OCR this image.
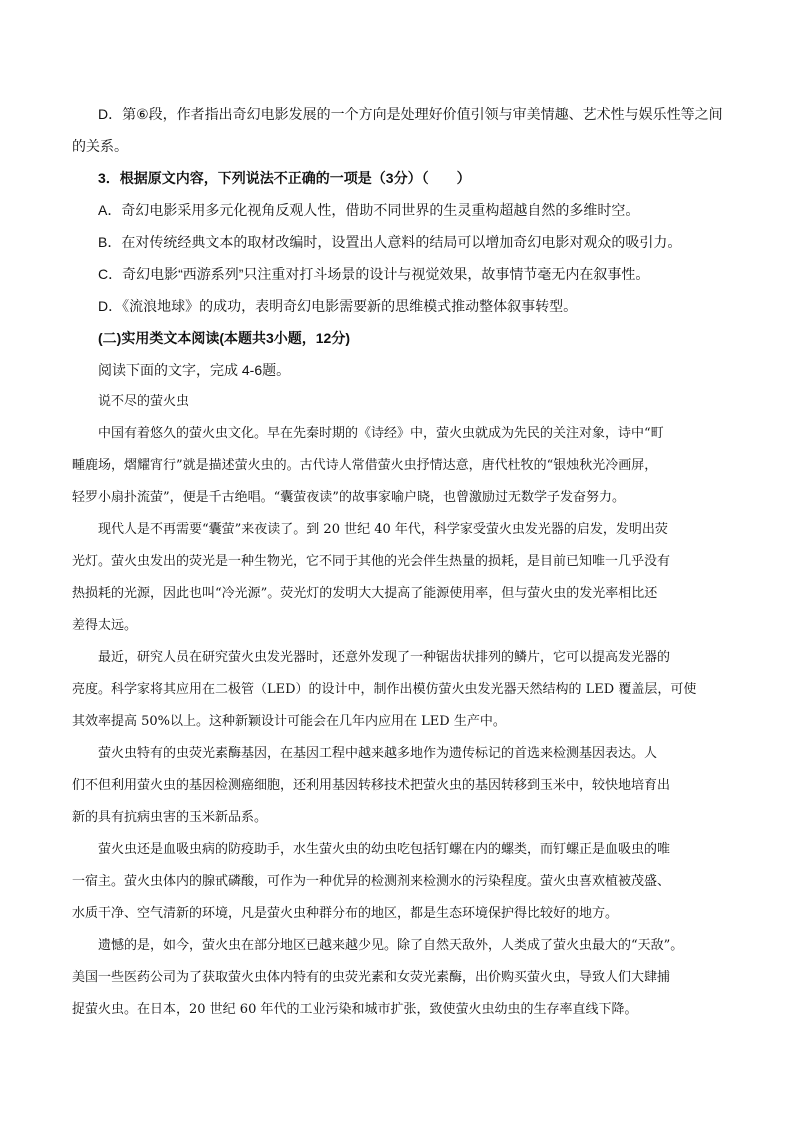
D．第⑥段，作者指出奇幻电影发展的一个方向是处理好价值引领与审美情趣、艺术性与娱乐性等之间
的关系。
3．根据原文内容，下列说法不正确的一项是（3分）（　　）
A．奇幻电影采用多元化视角反观人性，借助不同世界的生灵重构超越自然的多维时空。
B．在对传统经典文本的取材改编时，设置出人意料的结局可以增加奇幻电影对观众的吸引力。
C．奇幻电影“西游系列”只注重对打斗场景的设计与视觉效果，故事情节毫无内在叙事性。
D．《流浪地球》的成功，表明奇幻电影需要新的思维模式推动整体叙事转型。
(二)实用类文本阅读(本题共3小题，12分)
阅读下面的文字，完成 4-6题。
说不尽的萤火虫
中国有着悠久的萤火虫文化。早在先秦时期的《诗经》中，萤火虫就成为先民的关注对象，诗中“町
畽鹿场，熠耀宵行”就是描述萤火虫的。古代诗人常借萤火虫抒情达意，唐代杜牧的“银烛秋光冷画屏，
轻罗小扇扑流萤”，便是千古绝唱。“囊萤夜读”的故事家喻户晓，也曾激励过无数学子发奋努力。
现代人是不再需要“囊萤”来夜读了。到 20 世纪 40 年代，科学家受萤火虫发光器的启发，发明出荧
光灯。萤火虫发出的荧光是一种生物光，它不同于其他的光会伴生热量的损耗，是目前已知唯一几乎没有
热损耗的光源，因此也叫“冷光源”。荧光灯的发明大大提高了能源使用率，但与萤火虫的发光率相比还
差得太远。
最近，研究人员在研究萤火虫发光器时，还意外发现了一种锯齿状排列的鳞片，它可以提高发光器的
亮度。科学家将其应用在二极管（LED）的设计中，制作出模仿萤火虫发光器天然结构的 LED 覆盖层，可使
其效率提高 50%以上。这种新颖设计可能会在几年内应用在 LED 生产中。
萤火虫特有的虫荧光素酶基因，在基因工程中越来越多地作为遗传标记的首选来检测基因表达。人
们不但利用萤火虫的基因检测癌细胞，还利用基因转移技术把萤火虫的基因转移到玉米中，较快地培育出
新的具有抗病虫害的玉米新品系。
萤火虫还是血吸虫病的防疫助手，水生萤火虫的幼虫吃包括钉螺在内的螺类，而钉螺正是血吸虫的唯
一宿主。萤火虫体内的腺甙磷酸，可作为一种优异的检测剂来检测水的污染程度。萤火虫喜欢植被茂盛、
水质干净、空气清新的环境，凡是萤火虫种群分布的地区，都是生态环境保护得比较好的地方。
遗憾的是，如今，萤火虫在部分地区已越来越少见。除了自然天敌外，人类成了萤火虫最大的“天敌”。
美国一些医药公司为了获取萤火虫体内特有的虫荧光素和女荧光素酶，出价购买萤火虫，导致人们大肆捕
捉萤火虫。在日本，20 世纪 60 年代的工业污染和城市扩张，致使萤火虫幼虫的生存率直线下降。
